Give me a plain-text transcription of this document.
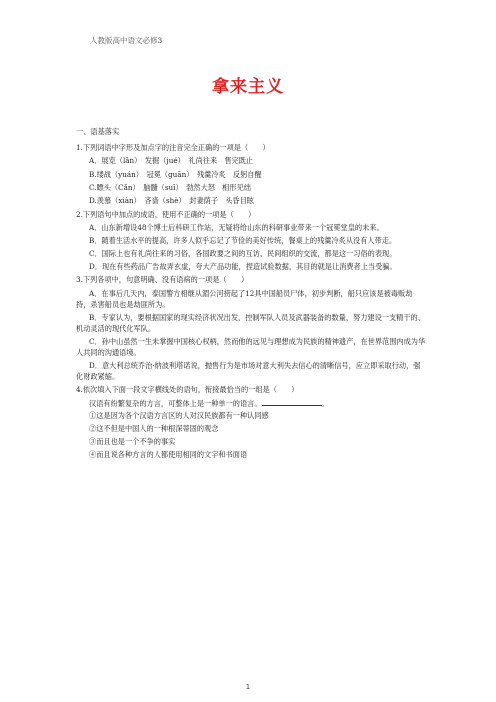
人教版高中语文必修3
拿来主义
一、语基落实
1.下列词语中字形及加点字的注音完全正确的一项是（　　）
A．展览（lǎn）　发掘（jué）　礼尚往来　售完既止
B.缕战（yuán）　冠冕（guān）　残羹冷炙　反躬自醒
C.瞟头（Cǎn）　脑髓（suǐ）　勃然大怒　相形见绌
D.羡慕（xiàn）　吝啬（shè）　封妻荫子　头昏目眩
2.下列语句中加点的成语，使用不正确的一项是（　　）
A．山东新增设48个博士后科研工作站，无疑将给山东的科研事业带来一个冠冕堂皇的未来。
B．随着生活水平的提高，许多人似乎忘记了节俭的美好传统，餐桌上的残羹冷炙从没有人带走。
C．国际上也有礼尚往来的习俗，各国政要之间的互访、民间组织的交流，都是这一习俗的表现。
D．现在有些药品广告故弄玄虚，夸大产品功能，捏造试验数据，其目的就是让消费者上当受骗。
3.下列各项中，句意明确、没有语病的一项是（　　）
A．在事后几天内，泰国警方相继从湄公河捞起了12具中国船员尸体，初步判断，船只应该是被毒贩劫持，杀害船员也是劫匪所为。
B．专家认为，要根据国家的现实经济状况出发，控制军队人员及武器装备的数量，努力建设一支精干的、机动灵活的现代化军队。
C．孙中山虽然一生未掌握中国核心权柄，然而他的远见与理想成为民族的精神遗产，在世界范围内成为华人共同的沟通语境。
D．意大利总统乔治·纳波利塔诺说，抛售行为是市场对意大利失去信心的清晰信号，应立即采取行动，强化财政紧缩。
4.依次填入下面一段文字横线处的语句，衔接最恰当的一组是（　　）
汉语有纷繁复杂的方言，可整体上是一种单一的语言。	。
①这是因为各个汉语方言区的人对汉民族都有一种认同感
②这不但是中国人的一种根深蒂固的观念
③而且也是一个不争的事实
④而且说各种方言的人都使用相同的文字和书面语
1
